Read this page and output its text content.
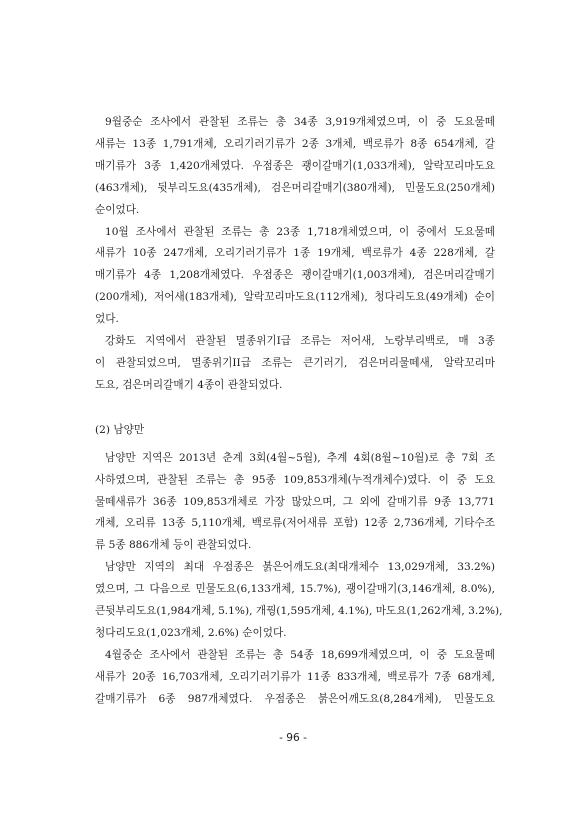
9월중순 조사에서 관찰된 조류는 총 34종 3,919개체였으며, 이 중 도요물떼
새류는 13종 1,791개체, 오리기러기류가 2종 3개체, 백로류가 8종 654개체, 갈
매기류가 3종 1,420개체였다. 우점종은 괭이갈매기(1,033개체), 알락꼬리마도요
(463개체), 뒷부리도요(435개체), 검은머리갈매기(380개체), 민물도요(250개체)
순이었다.

10월 조사에서 관찰된 조류는 총 23종 1,718개체였으며, 이 중에서 도요물떼
새류가 10종 247개체, 오리기러기류가 1종 19개체, 백로류가 4종 228개체, 갈
매기류가 4종 1,208개체였다. 우점종은 괭이갈매기(1,003개체), 검은머리갈매기
(200개체), 저어새(183개체), 알락꼬리마도요(112개체), 청다리도요(49개체) 순이
었다.

강화도 지역에서 관찰된 멸종위기I급 조류는 저어새, 노랑부리백로, 매 3종
이 관찰되었으며, 멸종위기II급 조류는 큰기러기, 검은머리물떼새, 알락꼬리마
도요, 검은머리갈매기 4종이 관찰되었다.

(2) 남양만

남양만 지역은 2013년 춘계 3회(4월~5월), 추계 4회(8월~10월)로 총 7회 조
사하였으며, 관찰된 조류는 총 95종 109,853개체(누적개체수)였다. 이 중 도요
물떼새류가 36종 109,853개체로 가장 많았으며, 그 외에 갈매기류 9종 13,771
개체, 오리류 13종 5,110개체, 백로류(저어새류 포함) 12종 2,736개체, 기타수조
류 5종 886개체 등이 관찰되었다.

남양만 지역의 최대 우점종은 붉은어깨도요(최대개체수 13,029개체, 33.2%)
였으며, 그 다음으로 민물도요(6,133개체, 15.7%), 괭이갈매기(3,146개체, 8.0%),
큰뒷부리도요(1,984개체, 5.1%), 개꿩(1,595개체, 4.1%), 마도요(1,262개체, 3.2%),
청다리도요(1,023개체, 2.6%) 순이었다.

4월중순 조사에서 관찰된 조류는 총 54종 18,699개체였으며, 이 중 도요물떼
새류가 20종 16,703개체, 오리기러기류가 11종 833개체, 백로류가 7종 68개체,
갈매기류가 6종 987개체였다. 우점종은 붉은어깨도요(8,284개체), 민물도요

- 96 -
